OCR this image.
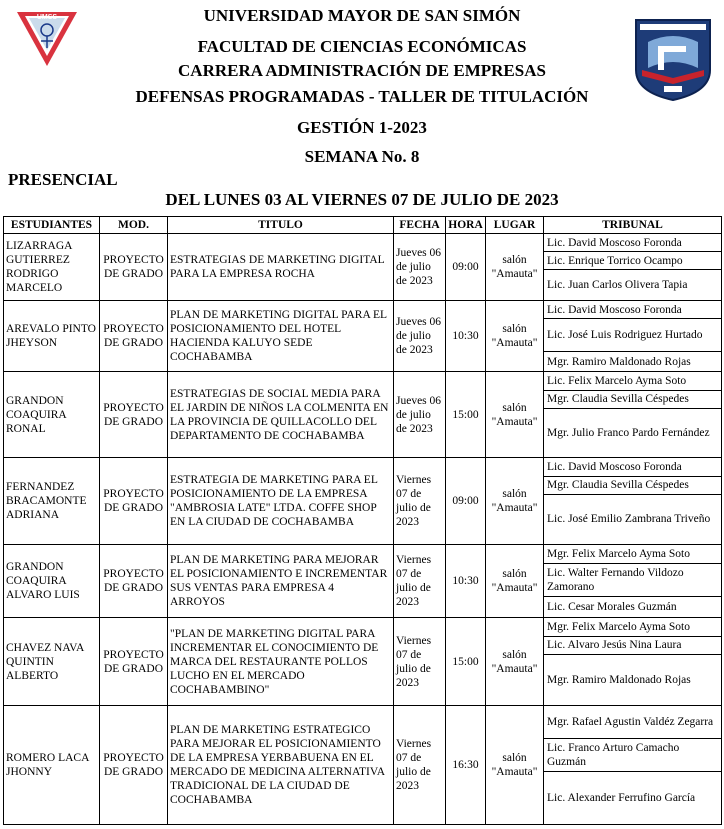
UMSS	UNIVERSIDAD MAYOR DE SAN SIMÓN
FACULTAD DE CIENCIAS ECONÓMICAS
CARRERA ADMINISTRACIÓN DE EMPRESAS
DEFENSAS PROGRAMADAS - TALLER DE TITULACIÓN
GESTIÓN 1-2023
SEMANA No. 8
PRESENCIAL
DEL LUNES 03 AL VIERNES 07 DE JULIO DE 2023
ESTUDIANTES	MOD.	TITULO	FECHA	HORA	LUGAR	TRIBUNAL
LIZARRAGA GUTIERREZ RODRIGO MARCELO	PROYECTO DE GRADO	ESTRATEGIAS DE MARKETING DIGITAL PARA LA EMPRESA ROCHA	Jueves 06 de julio de 2023	09:00	salón "Amauta"	Lic. David Moscoso Foronda
Lic. Enrique Torrico Ocampo
Lic. Juan Carlos Olivera Tapia

AREVALO PINTO JHEYSON	PROYECTO DE GRADO	PLAN DE MARKETING DIGITAL PARA EL POSICIONAMIENTO DEL HOTEL HACIENDA KALUYO SEDE COCHABAMBA	Jueves 06 de julio de 2023	10:30	salón "Amauta"	Lic. David Moscoso Foronda
Lic. José Luis Rodriguez Hurtado
Mgr. Ramiro Maldonado Rojas

GRANDON COAQUIRA RONAL	PROYECTO DE GRADO	ESTRATEGIAS DE SOCIAL MEDIA PARA EL JARDIN DE NIÑOS LA COLMENITA EN LA PROVINCIA DE QUILLACOLLO DEL DEPARTAMENTO DE COCHABAMBA	Jueves 06 de julio de 2023	15:00	salón "Amauta"	Lic. Felix Marcelo Ayma Soto
Mgr. Claudia Sevilla Céspedes
Mgr. Julio Franco Pardo Fernández

FERNANDEZ BRACAMONTE ADRIANA	PROYECTO DE GRADO	ESTRATEGIA DE MARKETING PARA EL POSICIONAMIENTO DE LA EMPRESA "AMBROSIA LATE" LTDA. COFFE SHOP EN LA CIUDAD DE COCHABAMBA	Viernes 07 de julio de 2023	09:00	salón "Amauta"	Lic. David Moscoso Foronda
Mgr. Claudia Sevilla Céspedes
Lic. José Emilio Zambrana Triveño

GRANDON COAQUIRA ALVARO LUIS	PROYECTO DE GRADO	PLAN DE MARKETING PARA MEJORAR EL POSICIONAMIENTO E INCREMENTAR SUS VENTAS PARA EMPRESA 4 ARROYOS	Viernes 07 de julio de 2023	10:30	salón "Amauta"	Mgr. Felix Marcelo Ayma Soto
Lic. Walter Fernando Vildozo Zamorano
Lic. Cesar Morales Guzmán

CHAVEZ NAVA QUINTIN ALBERTO	PROYECTO DE GRADO	"PLAN DE MARKETING DIGITAL PARA INCREMENTAR EL CONOCIMIENTO DE MARCA DEL RESTAURANTE POLLOS LUCHO EN EL MERCADO COCHABAMBINO"	Viernes 07 de julio de 2023	15:00	salón "Amauta"	Mgr. Felix Marcelo Ayma Soto
Lic. Alvaro Jesús Nina Laura
Mgr. Ramiro Maldonado Rojas

ROMERO LACA JHONNY	PROYECTO DE GRADO	PLAN DE MARKETING ESTRATEGICO PARA MEJORAR EL POSICIONAMIENTO DE LA EMPRESA YERBABUENA EN EL MERCADO DE MEDICINA ALTERNATIVA TRADICIONAL DE LA CIUDAD DE COCHABAMBA	Viernes 07 de julio de 2023	16:30	salón "Amauta"	Mgr. Rafael Agustin Valdéz Zegarra
Lic. Franco Arturo Camacho Guzmán
Lic. Alexander Ferrufino García
